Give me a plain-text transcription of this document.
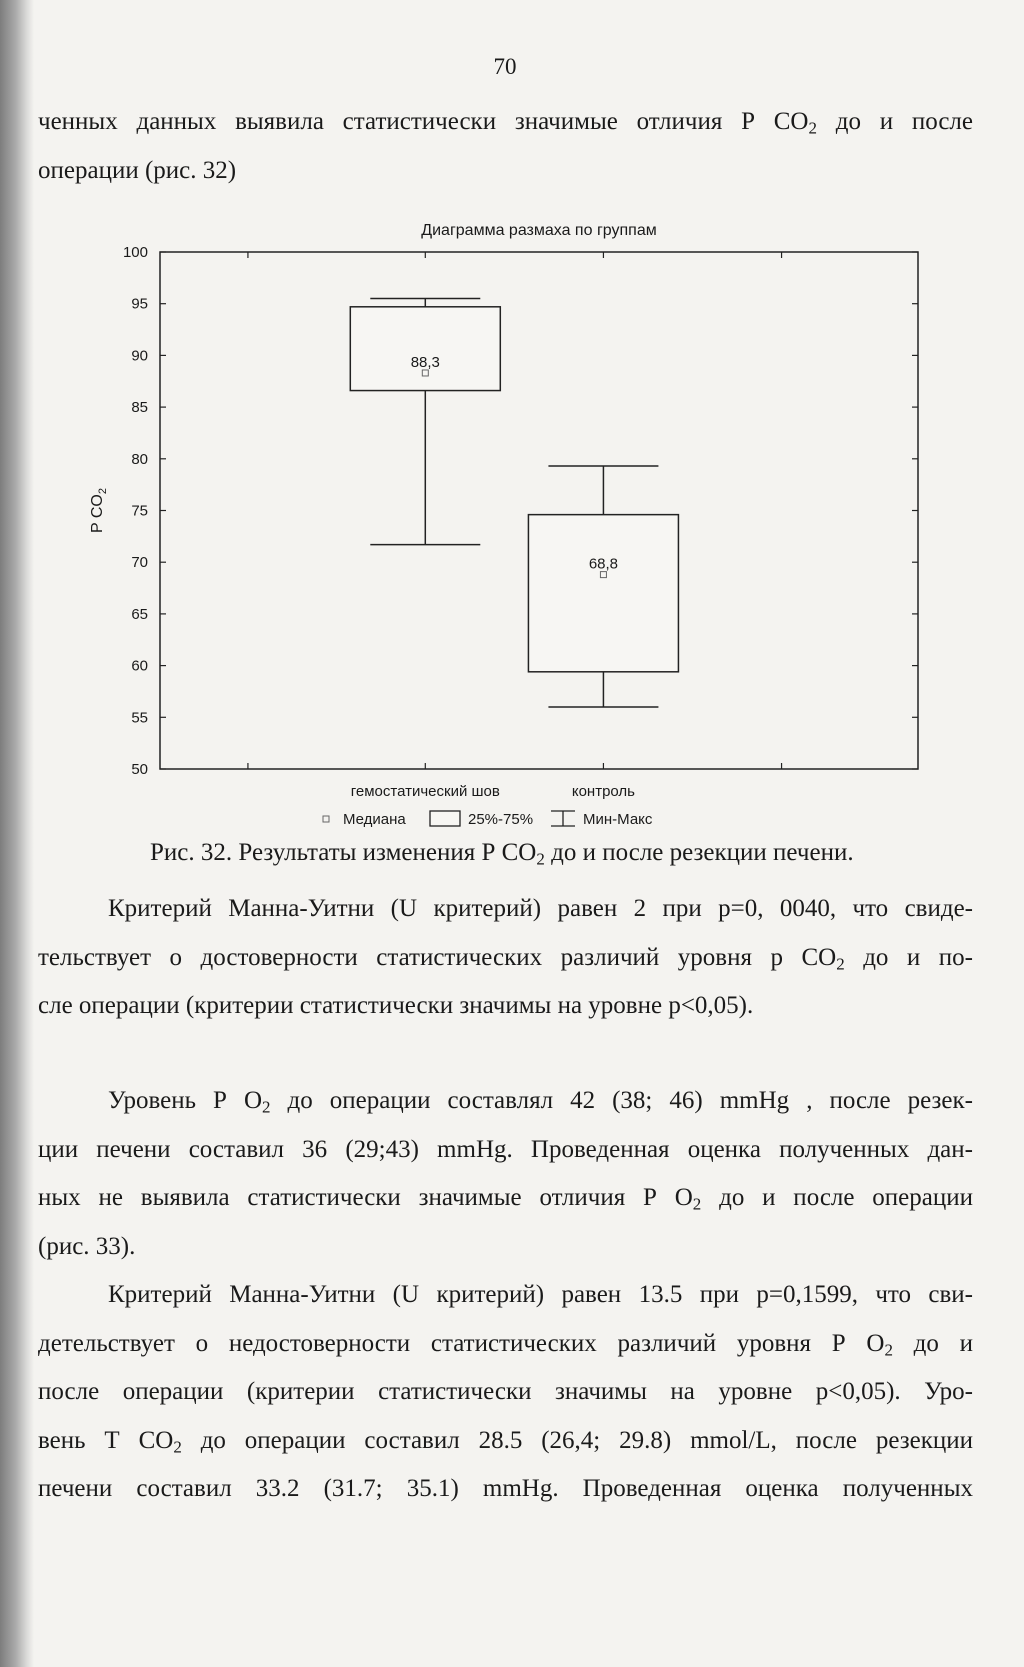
70
ченных данных выявила статистически значимые отличия Р $СО_2$ до и после
операции (рис. 32)
Диаграмма размаха по группам
100
95
90
85
80
75
70
65
60
55
50
P $CO_2$
88,3
гемостатический шов
68,8
контроль
Медиана	25%-75%	Мин-Макс
Рис. 32. Результаты изменения Р $СО_2$ до и после резекции печени.
Критерий Манна-Уитни (U критерий) равен 2 при p=0, 0040, что свиде-
тельствует о достоверности статистических различий уровня р $СО_2$ до и по-
сле операции (критерии статистически значимы на уровне p<0,05).
Уровень Р $О_2$ до операции составлял 42 (38; 46) mmHg , после резек-
ции печени составил 36 (29;43) mmHg. Проведенная оценка полученных дан-
ных не выявила статистически значимые отличия Р $О_2$ до и после операции
(рис. 33).
Критерий Манна-Уитни (U критерий) равен 13.5 при p=0,1599, что сви-
детельствует о недостоверности статистических различий уровня Р $О_2$ до и
после операции (критерии статистически значимы на уровне p<0,05). Уро-
вень Т $СО_2$ до операции составил 28.5 (26,4; 29.8) mmol/L, после резекции
печени составил 33.2 (31.7; 35.1) mmHg. Проведенная оценка полученных
